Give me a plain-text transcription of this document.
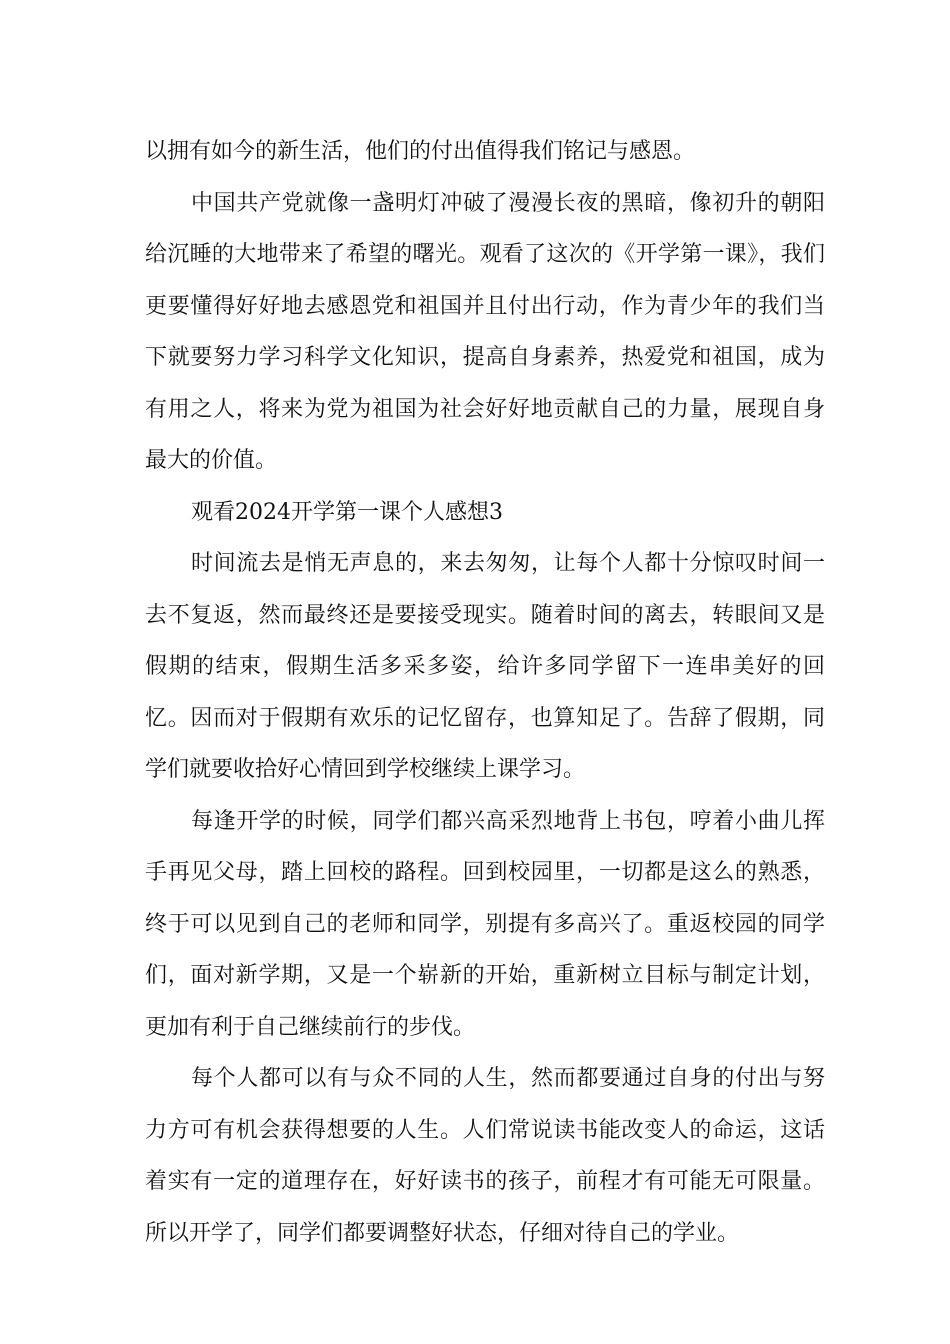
以拥有如今的新生活，他们的付出值得我们铭记与感恩。

中国共产党就像一盏明灯冲破了漫漫长夜的黑暗，像初升的朝阳给沉睡的大地带来了希望的曙光。观看了这次的《开学第一课》，我们更要懂得好好地去感恩党和祖国并且付出行动，作为青少年的我们当下就要努力学习科学文化知识，提高自身素养，热爱党和祖国，成为有用之人，将来为党为祖国为社会好好地贡献自己的力量，展现自身最大的价值。

观看2024开学第一课个人感想3

时间流去是悄无声息的，来去匆匆，让每个人都十分惊叹时间一去不复返，然而最终还是要接受现实。随着时间的离去，转眼间又是假期的结束，假期生活多采多姿，给许多同学留下一连串美好的回忆。因而对于假期有欢乐的记忆留存，也算知足了。告辞了假期，同学们就要收拾好心情回到学校继续上课学习。

每逢开学的时候，同学们都兴高采烈地背上书包，哼着小曲儿挥手再见父母，踏上回校的路程。回到校园里，一切都是这么的熟悉，终于可以见到自己的老师和同学，别提有多高兴了。重返校园的同学们，面对新学期，又是一个崭新的开始，重新树立目标与制定计划，更加有利于自己继续前行的步伐。

每个人都可以有与众不同的人生，然而都要通过自身的付出与努力方可有机会获得想要的人生。人们常说读书能改变人的命运，这话着实有一定的道理存在，好好读书的孩子，前程才有可能无可限量。所以开学了，同学们都要调整好状态，仔细对待自己的学业。
